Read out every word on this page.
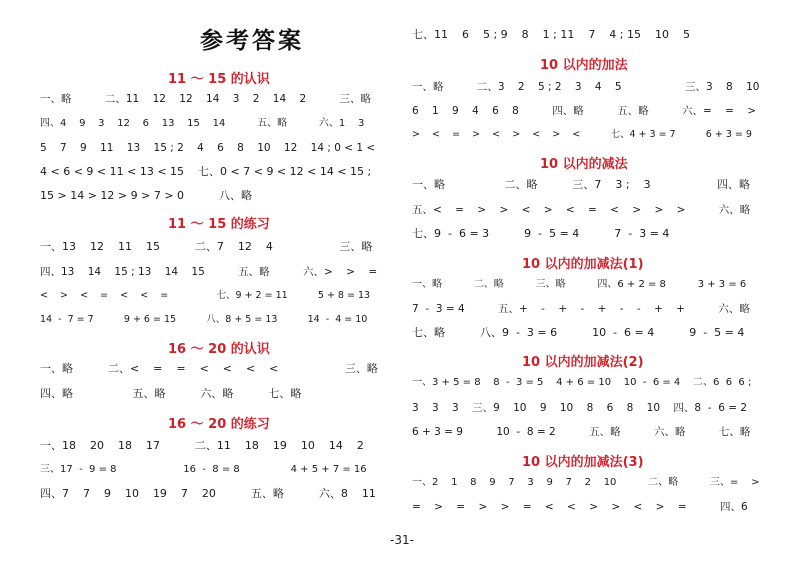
参考答案
11 ～ 15 的认识

一、略          二、11    12    12    14    3    2    14    2          三、略

四、4    9    3    12    6    13    15    14          五、略          六、1    3

5    7    9    11    13    15 ; 2    4    6    8    10    12    14 ; 0 < 1 <

4 < 6 < 9 < 11 < 13 < 15    七、0 < 7 < 9 < 12 < 14 < 15 ;

15 > 14 > 12 > 9 > 7 > 0          八、略

11 ～ 15 的练习

一、13    12    11    15          二、7    12    4                   三、略

四、13    14    15 ; 13    14    15          五、略          六、>    >    =

<    >    <    =    <    <    =                七、9 + 2 = 11          5 + 8 = 13

14  -  7 = 7          9 + 6 = 15          八、8 + 5 = 13          14  -  4 = 10

16 ～ 20 的认识

一、略          二、<    =    =    <    <    <    <                   三、略

四、略                 五、略          六、略          七、略

16 ～ 20 的练习

一、18    20    18    17          二、11    18    19    10    14    2

三、17  -  9 = 8                     16  -  8 = 8                4 + 5 + 7 = 16

四、7    7    9    10    19    7    20          五、略          六、8    11

七、11    6    5 ; 9    8    1 ; 11    7    4 ; 15    10    5

10 以内的加法

一、略          二、3    2    5 ; 2    3    4    5                   三、3    8    10

6    1    9    4    6    8          四、略          五、略          六、=    =    >

>    <    =    >    <    >    <    >    <          七、4 + 3 = 7          6 + 3 = 9

10 以内的减法

一、略                 二、略          三、7    3 ;    3                   四、略

五、<    =    >    >    <    >    <    =    <    >    >    >          六、略

七、9  -  6 = 3          9  -  5 = 4          7  -  3 = 4

10 以内的加减法(1)

一、略          二、略          三、略          四、6 + 2 = 8          3 + 3 = 6

7  -  3 = 4          五、+    -    +    -    +    -    -    +    +          六、略

七、略          八、9  -  3 = 6          10  -  6 = 4          9  -  5 = 4

10 以内的加减法(2)

一、3 + 5 = 8    8  -  3 = 5    4 + 6 = 10    10  -  6 = 4    二、6  6  6 ;

3    3    3    三、9    10    9    10    8    6    8    10    四、8  -  6 = 2

6 + 3 = 9          10  -  8 = 2          五、略          六、略          七、略

10 以内的加减法(3)

一、2    1    8    9    7    3    9    7    2    10          二、略          三、=    >

=    >    =    >    >    =    <    <    >    >    <    >    =          四、6

-31-
